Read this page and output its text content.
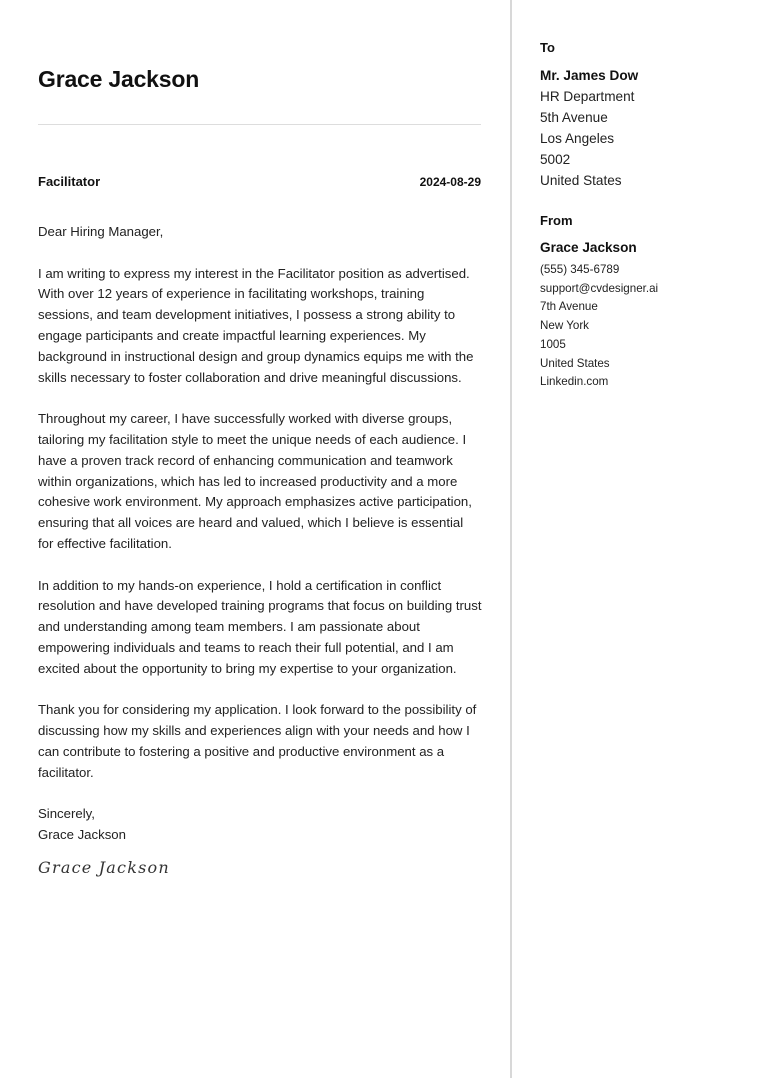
Grace Jackson
Facilitator	2024-08-29

Dear Hiring Manager,

I am writing to express my interest in the Facilitator position as advertised. With over 12 years of experience in facilitating workshops, training sessions, and team development initiatives, I possess a strong ability to engage participants and create impactful learning experiences. My background in instructional design and group dynamics equips me with the skills necessary to foster collaboration and drive meaningful discussions.

Throughout my career, I have successfully worked with diverse groups, tailoring my facilitation style to meet the unique needs of each audience. I have a proven track record of enhancing communication and teamwork within organizations, which has led to increased productivity and a more cohesive work environment. My approach emphasizes active participation, ensuring that all voices are heard and valued, which I believe is essential for effective facilitation.

In addition to my hands-on experience, I hold a certification in conflict resolution and have developed training programs that focus on building trust and understanding among team members. I am passionate about empowering individuals and teams to reach their full potential, and I am excited about the opportunity to bring my expertise to your organization.

Thank you for considering my application. I look forward to the possibility of discussing how my skills and experiences align with your needs and how I can contribute to fostering a positive and productive environment as a facilitator.

Sincerely,
Grace Jackson
Grace Jackson
To
Mr. James Dow
HR Department
5th Avenue
Los Angeles
5002
United States
From
Grace Jackson
(555) 345-6789
support@cvdesigner.ai
7th Avenue
New York
1005
United States
Linkedin.com
